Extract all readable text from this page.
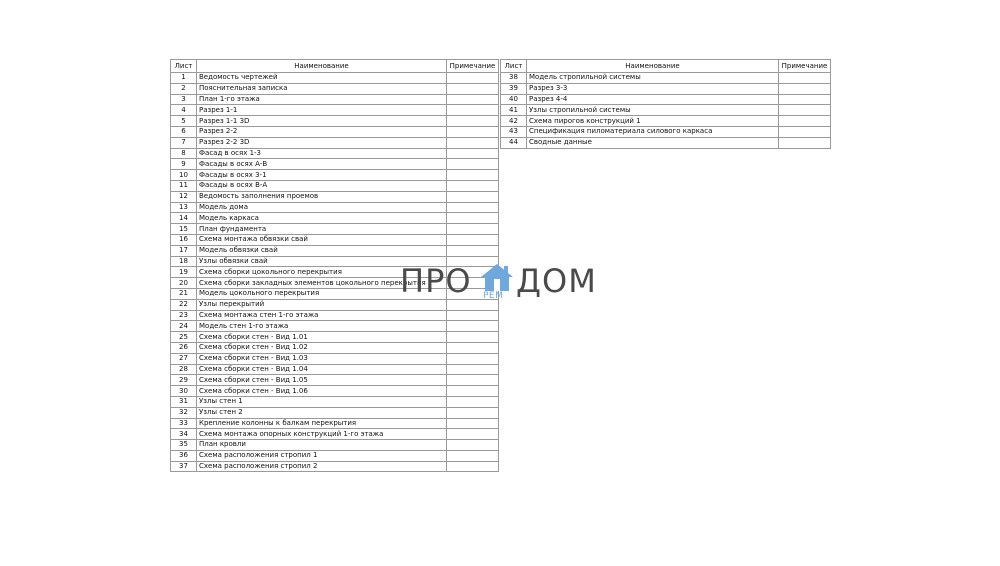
Лист	Наименование	Примечание
1	Ведомость чертежей	
2	Пояснительная записка	
3	План 1-го этажа	
4	Разрез 1-1	
5	Разрез 1-1 3D	
6	Разрез 2-2	
7	Разрез 2-2 3D	
8	Фасад в осях 1-3	
9	Фасады в осях А-В	
10	Фасады в осях 3-1	
11	Фасады в осях В-А	
12	Ведомость заполнения проемов	
13	Модель дома	
14	Модель каркаса	
15	План фундамента	
16	Схема монтажа обвязки свай	
17	Модель обвязки свай	
18	Узлы обвязки свай	
19	Схема сборки цокольного перекрытия	
20	Схема сборки закладных элементов цокольного перекрытия	
21	Модель цокольного перекрытия	
22	Узлы перекрытий	
23	Схема монтажа стен 1-го этажа	
24	Модель стен 1-го этажа	
25	Схема сборки стен - Вид 1.01	
26	Схема сборки стен - Вид 1.02	
27	Схема сборки стен - Вид 1.03	
28	Схема сборки стен - Вид 1.04	
29	Схема сборки стен - Вид 1.05	
30	Схема сборки стен - Вид 1.06	
31	Узлы стен 1	
32	Узлы стен 2	
33	Крепление колонны к балкам перекрытия	
34	Схема монтажа опорных конструкций 1-го этажа	
35	План кровли	
36	Схема расположения стропил 1	
37	Схема расположения стропил 2	
Лист	Наименование	Примечание
38	Модель стропильной системы	
39	Разрез 3-3	
40	Разрез 4-4	
41	Узлы стропильной системы	
42	Схема пирогов конструкций 1	
43	Спецификация пиломатериала силового каркаса	
44	Сводные данные	
ПРО РЕМ ДОМ
